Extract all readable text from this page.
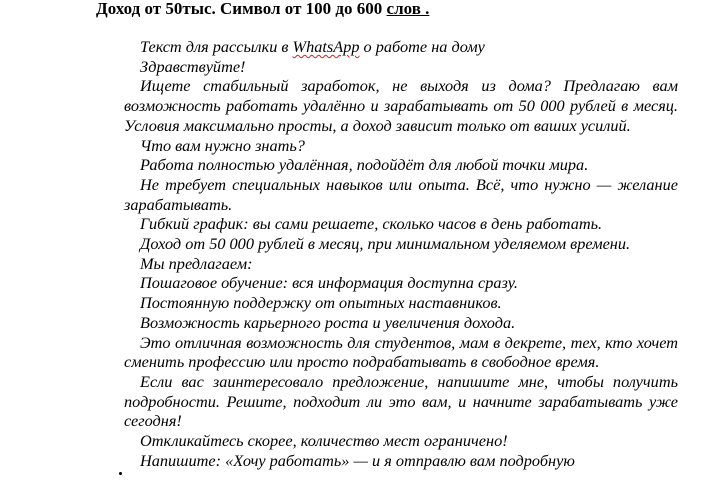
Доход от 50тыс. Символ от 100 до 600 слов .

Текст для рассылки в WhatsApp о работе на дому

Здравствуйте!

Ищете стабильный заработок, не выходя из дома? Предлагаю вам возможность работать удалённо и зарабатывать от 50 000 рублей в месяц. Условия максимально просты, а доход зависит только от ваших усилий.

Что вам нужно знать?

Работа полностью удалённая, подойдёт для любой точки мира.

Не требует специальных навыков или опыта. Всё, что нужно — желание зарабатывать.

Гибкий график: вы сами решаете, сколько часов в день работать.

Доход от 50 000 рублей в месяц, при минимальном уделяемом времени.

Мы предлагаем:

Пошаговое обучение: вся информация доступна сразу.

Постоянную поддержку от опытных наставников.

Возможность карьерного роста и увеличения дохода.

Это отличная возможность для студентов, мам в декрете, тех, кто хочет сменить профессию или просто подрабатывать в свободное время.

Если вас заинтересовало предложение, напишите мне, чтобы получить подробности. Решите, подходит ли это вам, и начните зарабатывать уже сегодня!

Откликайтесь скорее, количество мест ограничено!

Напишите: «Хочу работать» — и я отправлю вам подробную
